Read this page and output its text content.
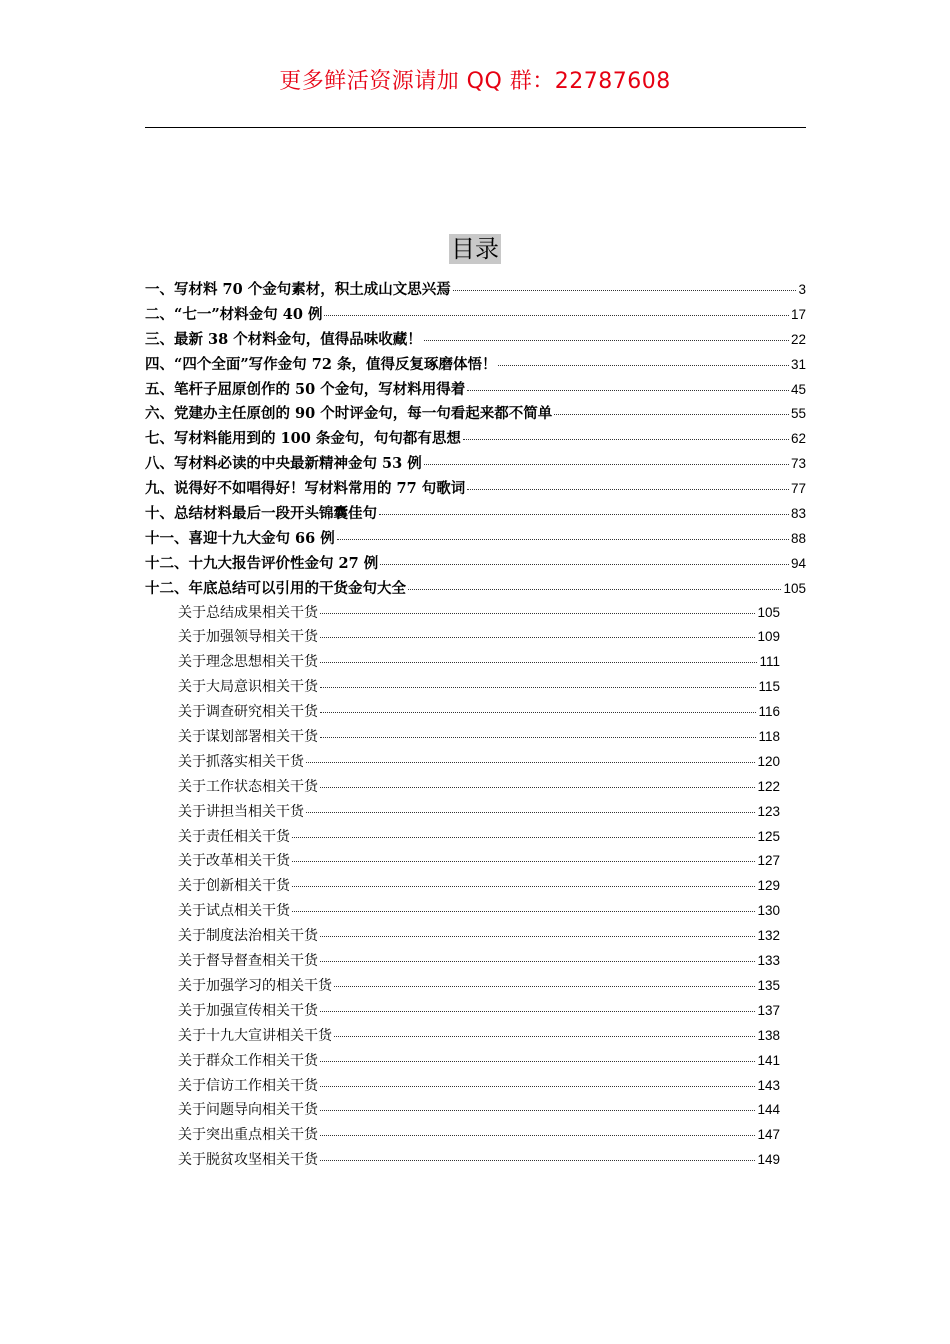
更多鲜活资源请加 QQ 群：22787608
目录
一、写材料 70 个金句素材，积土成山文思兴焉	3
二、“七一”材料金句 40 例	17
三、最新 38 个材料金句，值得品味收藏！	22
四、“四个全面”写作金句 72 条，值得反复琢磨体悟！	31
五、笔杆子屈原创作的 50 个金句，写材料用得着	45
六、党建办主任原创的 90 个时评金句，每一句看起来都不简单	55
七、写材料能用到的 100 条金句，句句都有思想	62
八、写材料必读的中央最新精神金句 53 例	73
九、说得好不如唱得好！写材料常用的 77 句歌词	77
十、总结材料最后一段开头锦囊佳句	83
十一、喜迎十九大金句 66 例	88
十二、十九大报告评价性金句 27 例	94
十二、年底总结可以引用的干货金句大全	105
关于总结成果相关干货	105
关于加强领导相关干货	109
关于理念思想相关干货	111
关于大局意识相关干货	115
关于调查研究相关干货	116
关于谋划部署相关干货	118
关于抓落实相关干货	120
关于工作状态相关干货	122
关于讲担当相关干货	123
关于责任相关干货	125
关于改革相关干货	127
关于创新相关干货	129
关于试点相关干货	130
关于制度法治相关干货	132
关于督导督查相关干货	133
关于加强学习的相关干货	135
关于加强宣传相关干货	137
关于十九大宣讲相关干货	138
关于群众工作相关干货	141
关于信访工作相关干货	143
关于问题导向相关干货	144
关于突出重点相关干货	147
关于脱贫攻坚相关干货	149
